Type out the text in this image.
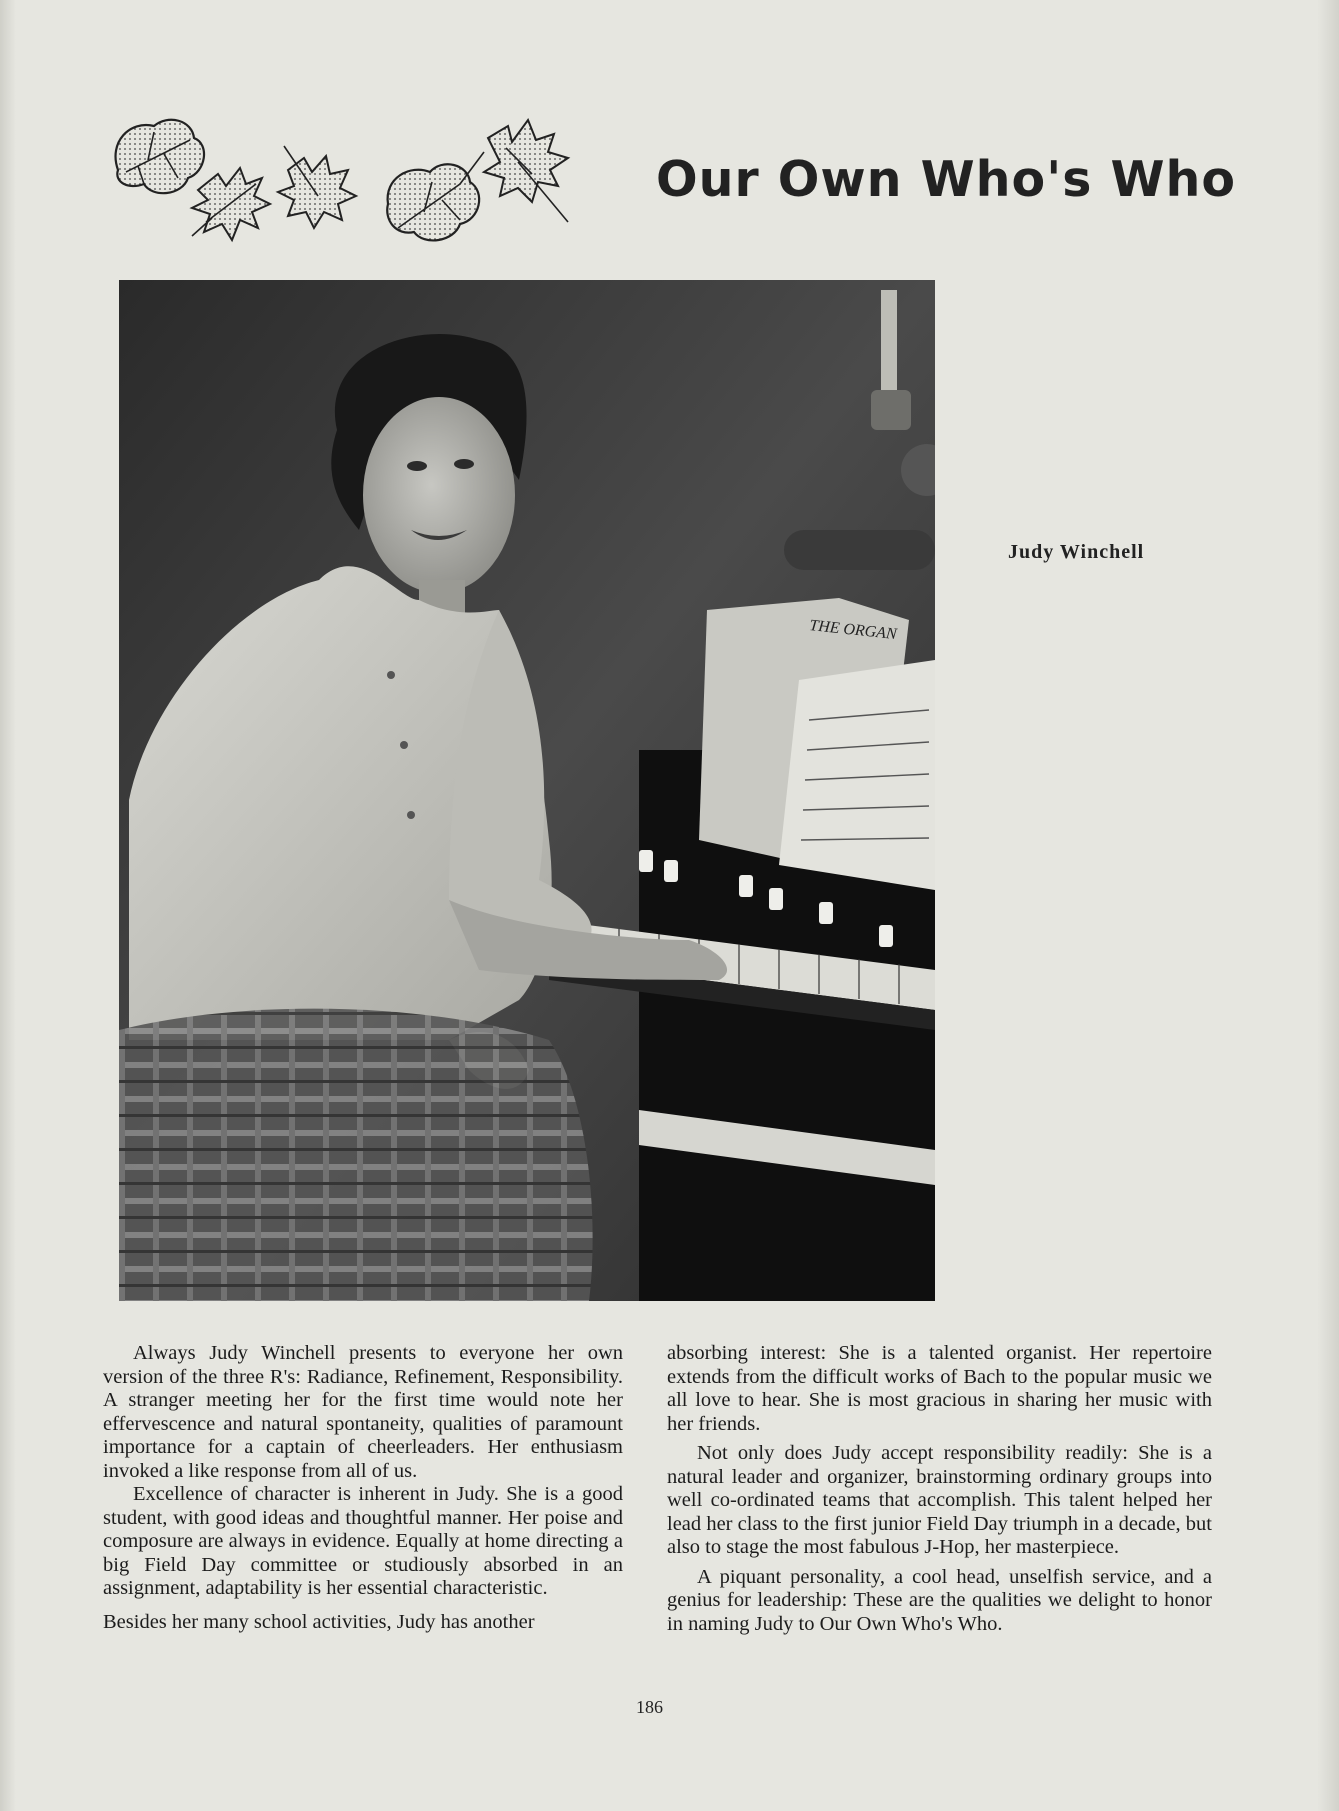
Our Own Who's Who
THE ORGAN
Judy Winchell

Always Judy Winchell presents to everyone her own version of the three R's: Radiance, Refinement, Responsibility. A stranger meeting her for the first time would note her effervescence and natural spontaneity, qualities of paramount importance for a captain of cheerleaders. Her enthusiasm invoked a like response from all of us.

Excellence of character is inherent in Judy. She is a good student, with good ideas and thoughtful manner. Her poise and composure are always in evidence. Equally at home directing a big Field Day committee or studiously absorbed in an assignment, adaptability is her essential characteristic.

Besides her many school activities, Judy has another

absorbing interest: She is a talented organist. Her repertoire extends from the difficult works of Bach to the popular music we all love to hear. She is most gracious in sharing her music with her friends.

Not only does Judy accept responsibility readily: She is a natural leader and organizer, brainstorming ordinary groups into well co-ordinated teams that accomplish. This talent helped her lead her class to the first junior Field Day triumph in a decade, but also to stage the most fabulous J-Hop, her masterpiece.

A piquant personality, a cool head, unselfish service, and a genius for leadership: These are the qualities we delight to honor in naming Judy to Our Own Who's Who.

186
